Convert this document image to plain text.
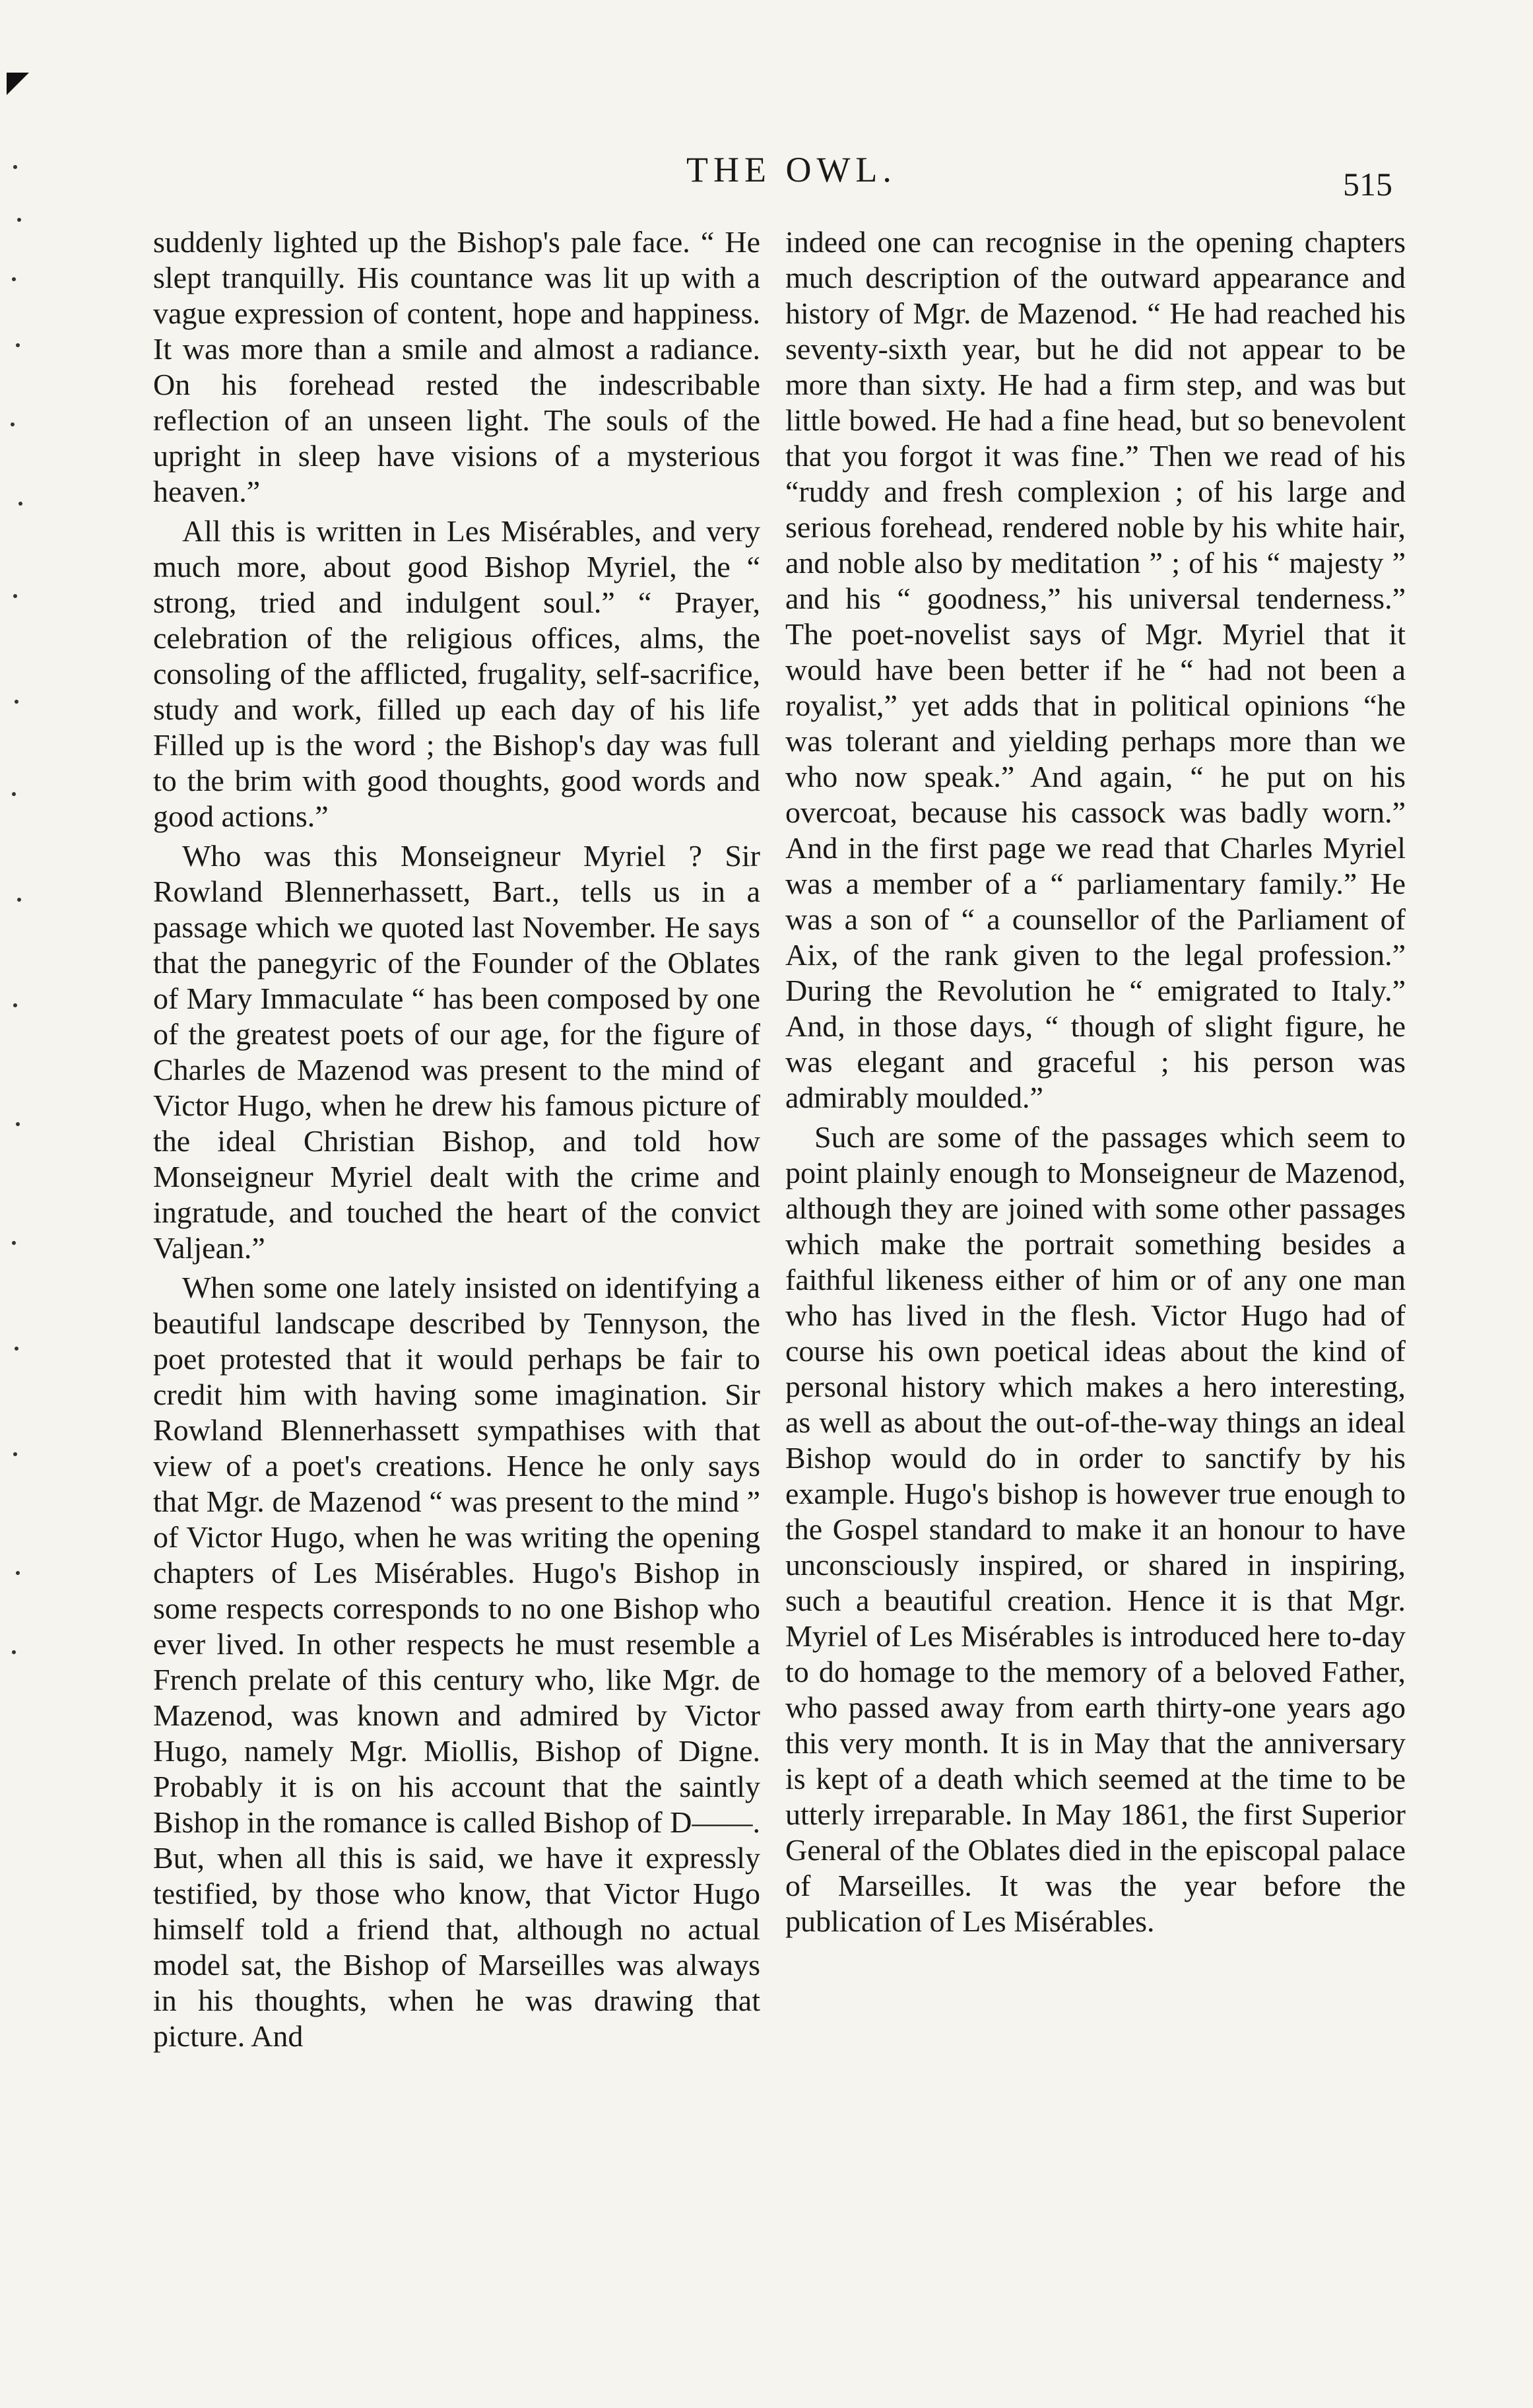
THE OWL.	515

suddenly lighted up the Bishop's pale face. “ He slept tranquilly. His countance was lit up with a vague expression of content, hope and happiness. It was more than a smile and almost a radiance. On his forehead rested the indescribable reflection of an unseen light. The souls of the upright in sleep have visions of a mysterious heaven.”

All this is written in Les Misérables, and very much more, about good Bishop Myriel, the “ strong, tried and indulgent soul.” “ Prayer, celebration of the religious offices, alms, the consoling of the afflicted, frugality, self-sacrifice, study and work, filled up each day of his life Filled up is the word ; the Bishop's day was full to the brim with good thoughts, good words and good actions.”

Who was this Monseigneur Myriel ? Sir Rowland Blennerhassett, Bart., tells us in a passage which we quoted last November. He says that the panegyric of the Founder of the Oblates of Mary Immaculate “ has been composed by one of the greatest poets of our age, for the figure of Charles de Mazenod was present to the mind of Victor Hugo, when he drew his famous picture of the ideal Christian Bishop, and told how Monseigneur Myriel dealt with the crime and ingratude, and touched the heart of the convict Valjean.”

When some one lately insisted on identifying a beautiful landscape described by Tennyson, the poet protested that it would perhaps be fair to credit him with having some imagination. Sir Rowland Blennerhassett sympathises with that view of a poet's creations. Hence he only says that Mgr. de Mazenod “ was present to the mind ” of Victor Hugo, when he was writing the opening chapters of Les Misérables. Hugo's Bishop in some respects corresponds to no one Bishop who ever lived. In other respects he must resemble a French prelate of this century who, like Mgr. de Mazenod, was known and admired by Victor Hugo, namely Mgr. Miollis, Bishop of Digne. Probably it is on his account that the saintly Bishop in the romance is called Bishop of D——. But, when all this is said, we have it expressly testified, by those who know, that Victor Hugo himself told a friend that, although no actual model sat, the Bishop of Marseilles was always in his thoughts, when he was drawing that picture. And

indeed one can recognise in the opening chapters much description of the outward appearance and history of Mgr. de Mazenod. “ He had reached his seventy-sixth year, but he did not appear to be more than sixty. He had a firm step, and was but little bowed. He had a fine head, but so benevolent that you forgot it was fine.” Then we read of his “ruddy and fresh complexion ; of his large and serious forehead, rendered noble by his white hair, and noble also by meditation ” ; of his “ majesty ” and his “ goodness,” his universal tenderness.” The poet-novelist says of Mgr. Myriel that it would have been better if he “ had not been a royalist,” yet adds that in political opinions “he was tolerant and yielding perhaps more than we who now speak.” And again, “ he put on his overcoat, because his cassock was badly worn.” And in the first page we read that Charles Myriel was a member of a “ parliamentary family.” He was a son of “ a counsellor of the Parliament of Aix, of the rank given to the legal profession.” During the Revolution he “ emigrated to Italy.” And, in those days, “ though of slight figure, he was elegant and graceful ; his person was admirably moulded.”

Such are some of the passages which seem to point plainly enough to Monseigneur de Mazenod, although they are joined with some other passages which make the portrait something besides a faithful likeness either of him or of any one man who has lived in the flesh. Victor Hugo had of course his own poetical ideas about the kind of personal history which makes a hero interesting, as well as about the out-of-the-way things an ideal Bishop would do in order to sanctify by his example. Hugo's bishop is however true enough to the Gospel standard to make it an honour to have unconsciously inspired, or shared in inspiring, such a beautiful creation. Hence it is that Mgr. Myriel of Les Misérables is introduced here to-day to do homage to the memory of a beloved Father, who passed away from earth thirty-one years ago this very month. It is in May that the anniversary is kept of a death which seemed at the time to be utterly irreparable. In May 1861, the first Superior General of the Oblates died in the episcopal palace of Marseilles. It was the year before the publication of Les Misérables.
